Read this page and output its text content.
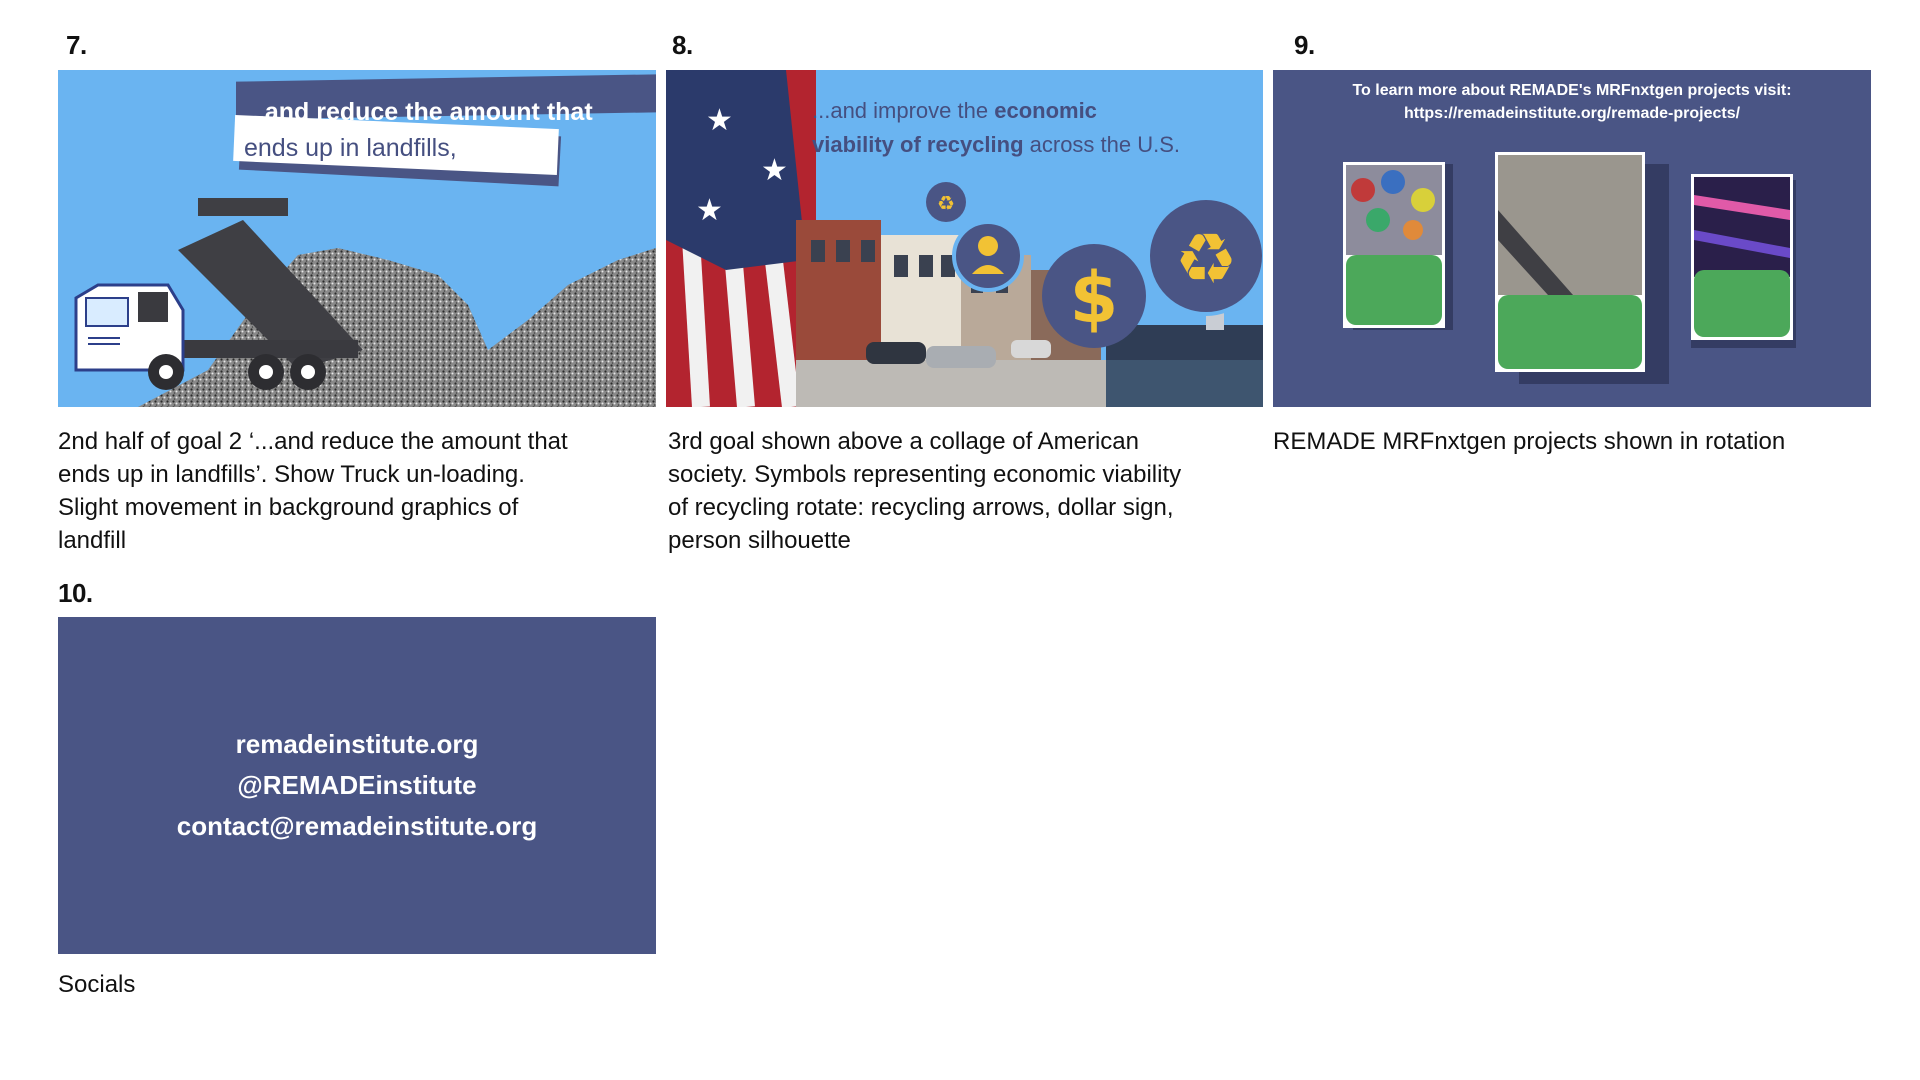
7.
...and reduce the amount that
ends up in landfills,
2nd half of goal 2 ‘...and reduce the amount that
ends up in landfills’. Show Truck un-loading.
Slight movement in background graphics of
landfill
8.
★
★
★	♻
$ ♻
...and improve the economic
viability of recycling across the U.S.
3rd goal shown above a collage of American
society. Symbols representing economic viability
of recycling rotate: recycling arrows, dollar sign,
person silhouette
9.
To learn more about REMADE's MRFnxtgen projects visit:
https://remadeinstitute.org/remade-projects/
REMADE MRFnxtgen projects shown in rotation
10.
remadeinstitute.org
@REMADEinstitute
contact@remadeinstitute.org
Socials
